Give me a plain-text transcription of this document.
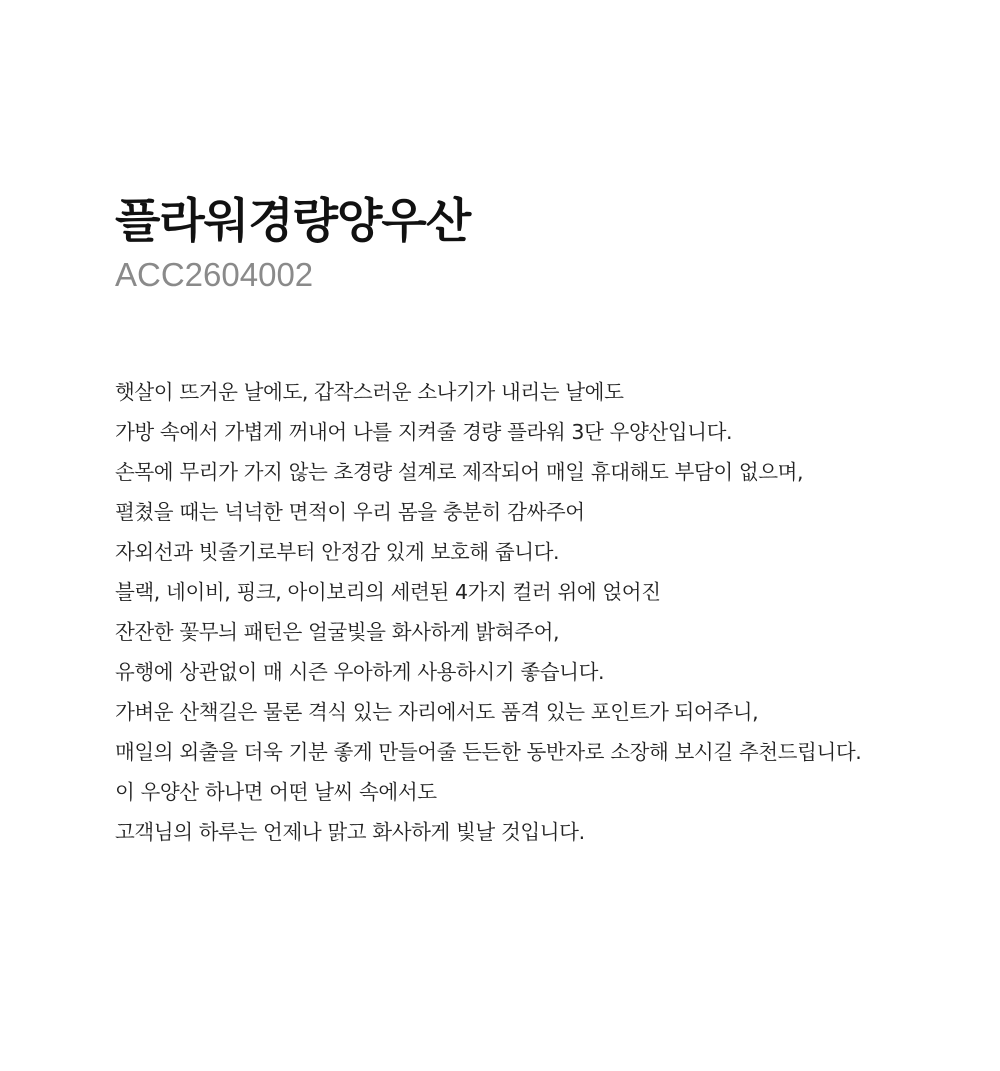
플라워경량양우산

ACC2604002

햇살이 뜨거운 날에도, 갑작스러운 소나기가 내리는 날에도
가방 속에서 가볍게 꺼내어 나를 지켜줄 경량 플라워 3단 우양산입니다.
손목에 무리가 가지 않는 초경량 설계로 제작되어 매일 휴대해도 부담이 없으며,
펼쳤을 때는 넉넉한 면적이 우리 몸을 충분히 감싸주어
자외선과 빗줄기로부터 안정감 있게 보호해 줍니다.
블랙, 네이비, 핑크, 아이보리의 세련된 4가지 컬러 위에 얹어진
잔잔한 꽃무늬 패턴은 얼굴빛을 화사하게 밝혀주어,
유행에 상관없이 매 시즌 우아하게 사용하시기 좋습니다.
가벼운 산책길은 물론 격식 있는 자리에서도 품격 있는 포인트가 되어주니,
매일의 외출을 더욱 기분 좋게 만들어줄 든든한 동반자로 소장해 보시길 추천드립니다.
이 우양산 하나면 어떤 날씨 속에서도
고객님의 하루는 언제나 맑고 화사하게 빛날 것입니다.
